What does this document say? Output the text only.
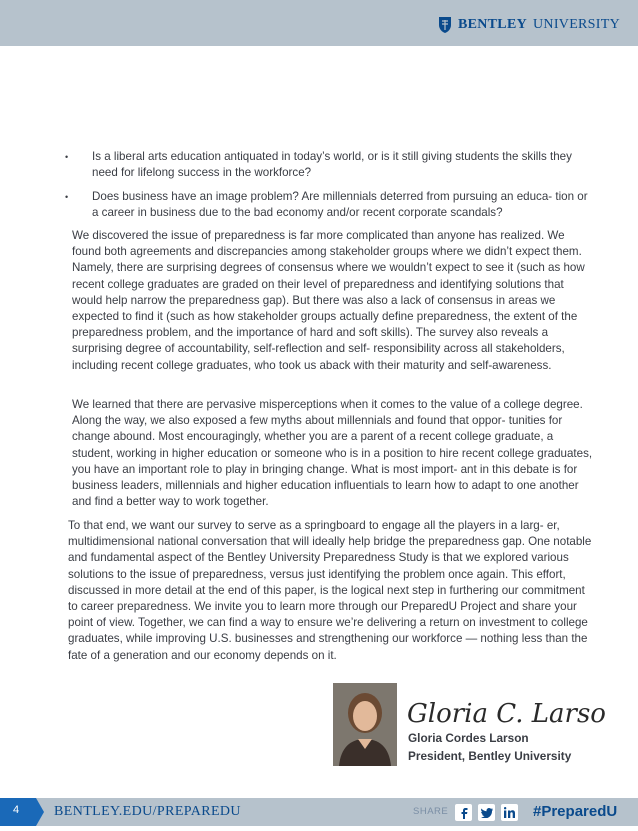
BENTLEY UNIVERSITY
• Is a liberal arts education antiquated in today’s world, or is it still giving students the skills they need for lifelong success in the workforce?
• Does business have an image problem? Are millennials deterred from pursuing an educa- tion or a career in business due to the bad economy and/or recent corporate scandals?
We discovered the issue of preparedness is far more complicated than anyone has realized. We found both agreements and discrepancies among stakeholder groups where we didn’t expect them. Namely, there are surprising degrees of consensus where we wouldn’t expect to see it (such as how recent college graduates are graded on their level of preparedness and identifying solutions that would help narrow the preparedness gap). But there was also a lack of consensus in areas we expected to find it (such as how stakeholder groups actually define preparedness, the extent of the preparedness problem, and the importance of hard and soft skills). The survey also reveals a surprising degree of accountability, self-reflection and self- responsibility across all stakeholders, including recent college graduates, who took us aback with their maturity and self-awareness.
We learned that there are pervasive misperceptions when it comes to the value of a college degree. Along the way, we also exposed a few myths about millennials and found that oppor- tunities for change abound. Most encouragingly, whether you are a parent of a recent college graduate, a student, working in higher education or someone who is in a position to hire recent college graduates, you have an important role to play in bringing change. What is most import- ant in this debate is for business leaders, millennials and higher education influentials to learn how to adapt to one another and find a better way to work together.
To that end, we want our survey to serve as a springboard to engage all the players in a larg- er, multidimensional national conversation that will ideally help bridge the preparedness gap. One notable and fundamental aspect of the Bentley University Preparedness Study is that we explored various solutions to the issue of preparedness, versus just identifying the problem once again. This effort, discussed in more detail at the end of this paper, is the logical next step in furthering our commitment to career preparedness. We invite you to learn more through our PreparedU Project and share your point of view. Together, we can find a way to ensure we’re delivering a return on investment to college graduates, while improving U.S. businesses and strengthening our workforce — nothing less than the fate of a generation and our economy depends on it.
Gloria C. Larson
Gloria Cordes Larson
President, Bentley University
4 BENTLEY.EDU/PREPAREDU	SHARE	#PreparedU
